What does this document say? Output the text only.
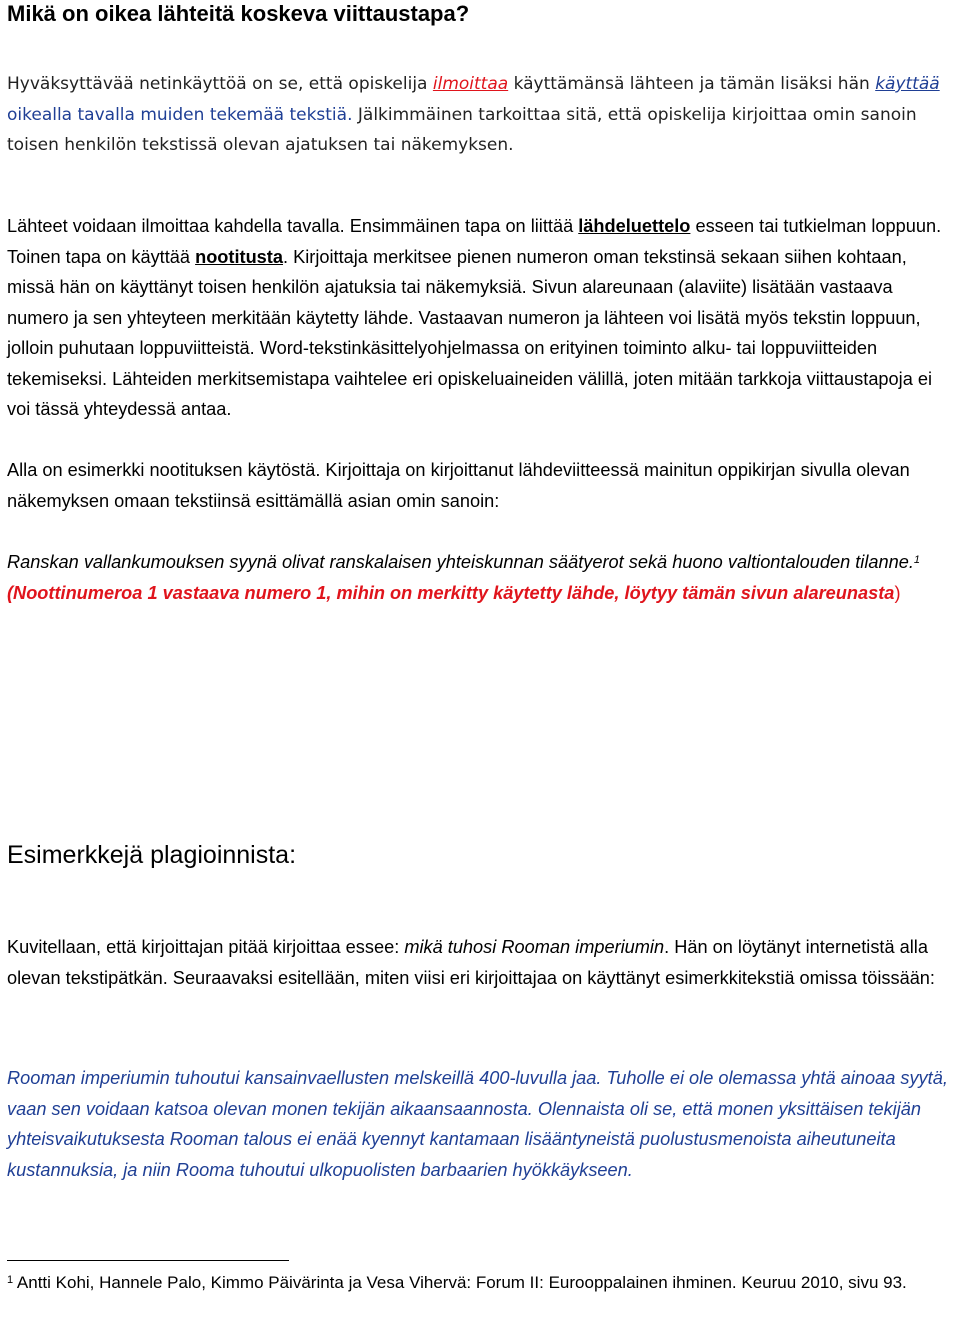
Mikä on oikea lähteitä koskeva viittaustapa?

Hyväksyttävää netinkäyttöä on se, että opiskelija ilmoittaa käyttämänsä lähteen ja tämän lisäksi hän käyttää oikealla tavalla muiden tekemää tekstiä. Jälkimmäinen tarkoittaa sitä, että opiskelija kirjoittaa omin sanoin toisen henkilön tekstissä olevan ajatuksen tai näkemyksen.

Lähteet voidaan ilmoittaa kahdella tavalla. Ensimmäinen tapa on liittää lähdeluettelo esseen tai tutkielman loppuun. Toinen tapa on käyttää nootitusta. Kirjoittaja merkitsee pienen numeron oman tekstinsä sekaan siihen kohtaan, missä hän on käyttänyt toisen henkilön ajatuksia tai näkemyksiä. Sivun alareunaan (alaviite) lisätään vastaava numero ja sen yhteyteen merkitään käytetty lähde. Vastaavan numeron ja lähteen voi lisätä myös tekstin loppuun, jolloin puhutaan loppuviitteistä. Word-tekstinkäsittelyohjelmassa on erityinen toiminto alku- tai loppuviitteiden tekemiseksi. Lähteiden merkitsemistapa vaihtelee eri opiskeluaineiden välillä, joten mitään tarkkoja viittaustapoja ei voi tässä yhteydessä antaa.

Alla on esimerkki nootituksen käytöstä. Kirjoittaja on kirjoittanut lähdeviitteessä mainitun oppikirjan sivulla olevan näkemyksen omaan tekstiinsä esittämällä asian omin sanoin:

Ranskan vallankumouksen syynä olivat ranskalaisen yhteiskunnan säätyerot sekä huono valtiontalouden tilanne.$^1$ (Noottinumeroa 1 vastaava numero 1, mihin on merkitty käytetty lähde, löytyy tämän sivun alareunasta)

Esimerkkejä plagioinnista:

Kuvitellaan, että kirjoittajan pitää kirjoittaa essee: mikä tuhosi Rooman imperiumin. Hän on löytänyt internetistä alla olevan tekstipätkän. Seuraavaksi esitellään, miten viisi eri kirjoittajaa on käyttänyt esimerkkitekstiä omissa töissään:

Rooman imperiumin tuhoutui kansainvaellusten melskeillä 400-luvulla jaa. Tuholle ei ole olemassa yhtä ainoaa syytä, vaan sen voidaan katsoa olevan monen tekijän aikaansaannosta. Olennaista oli se, että monen yksittäisen tekijän yhteisvaikutuksesta Rooman talous ei enää kyennyt kantamaan lisääntyneistä puolustusmenoista aiheutuneita kustannuksia, ja niin Rooma tuhoutui ulkopuolisten barbaarien hyökkäykseen.

$^1$ Antti Kohi, Hannele Palo, Kimmo Päivärinta ja Vesa Vihervä: Forum II: Eurooppalainen ihminen. Keuruu 2010, sivu 93.
